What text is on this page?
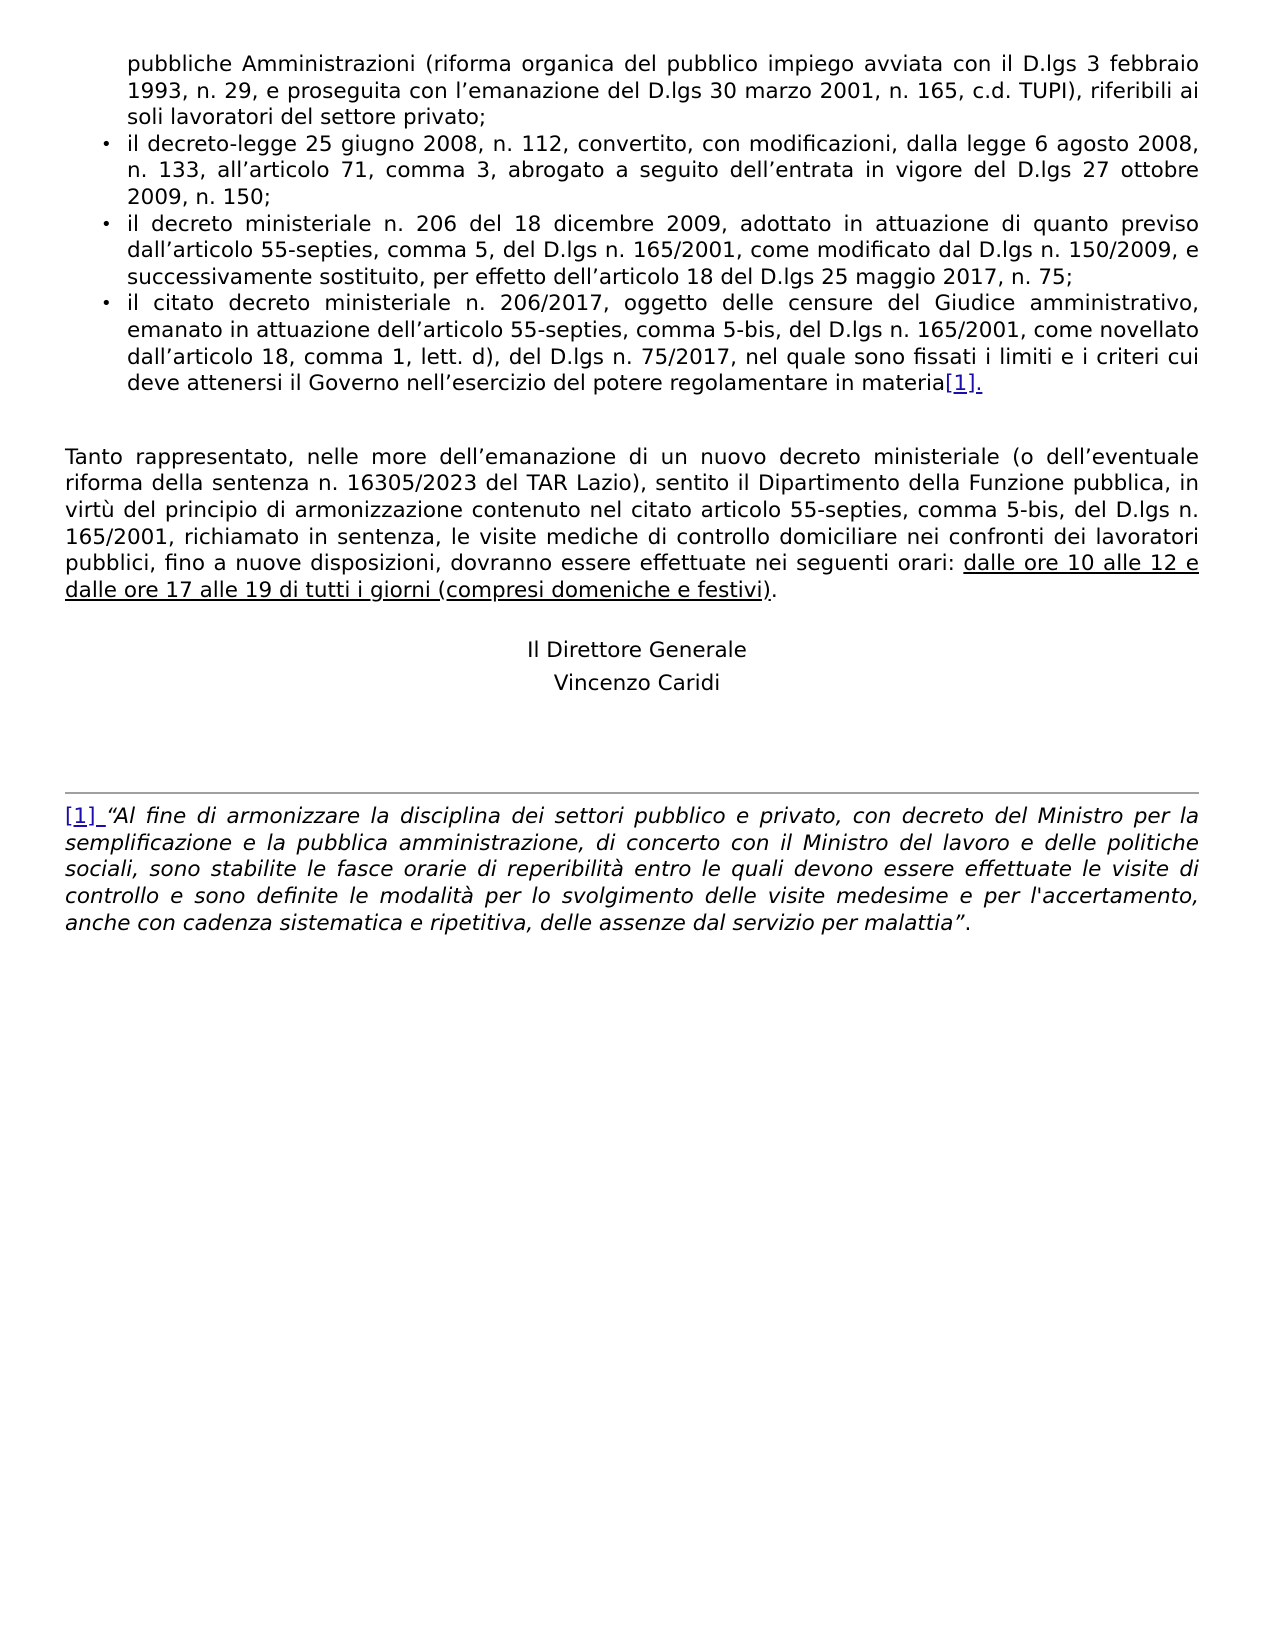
pubbliche Amministrazioni (riforma organica del pubblico impiego avviata con il D.lgs 3 febbraio 1993, n. 29, e proseguita con l’emanazione del D.lgs 30 marzo 2001, n. 165, c.d. TUPI), riferibili ai soli lavoratori del settore privato;

• il decreto-legge 25 giugno 2008, n. 112, convertito, con modificazioni, dalla legge 6 agosto 2008, n. 133, all’articolo 71, comma 3, abrogato a seguito dell’entrata in vigore del D.lgs 27 ottobre 2009, n. 150;
• il decreto ministeriale n. 206 del 18 dicembre 2009, adottato in attuazione di quanto previso dall’articolo 55-septies, comma 5, del D.lgs n. 165/2001, come modificato dal D.lgs n. 150/2009, e successivamente sostituito, per effetto dell’articolo 18 del D.lgs 25 maggio 2017, n. 75;
• il citato decreto ministeriale n. 206/2017, oggetto delle censure del Giudice amministrativo, emanato in attuazione dell’articolo 55-septies, comma 5-bis, del D.lgs n. 165/2001, come novellato dall’articolo 18, comma 1, lett. d), del D.lgs n. 75/2017, nel quale sono fissati i limiti e i criteri cui deve attenersi il Governo nell’esercizio del potere regolamentare in materia[1].

Tanto rappresentato, nelle more dell’emanazione di un nuovo decreto ministeriale (o dell’eventuale riforma della sentenza n. 16305/2023 del TAR Lazio), sentito il Dipartimento della Funzione pubblica, in virtù del principio di armonizzazione contenuto nel citato articolo 55-septies, comma 5-bis, del D.lgs n. 165/2001, richiamato in sentenza, le visite mediche di controllo domiciliare nei confronti dei lavoratori pubblici, fino a nuove disposizioni, dovranno essere effettuate nei seguenti orari: dalle ore 10 alle 12 e dalle ore 17 alle 19 di tutti i giorni (compresi domeniche e festivi).

Il Direttore Generale
Vincenzo Caridi

[1] “Al fine di armonizzare la disciplina dei settori pubblico e privato, con decreto del Ministro per la semplificazione e la pubblica amministrazione, di concerto con il Ministro del lavoro e delle politiche sociali, sono stabilite le fasce orarie di reperibilità entro le quali devono essere effettuate le visite di controllo e sono definite le modalità per lo svolgimento delle visite medesime e per l'accertamento, anche con cadenza sistematica e ripetitiva, delle assenze dal servizio per malattia”.
